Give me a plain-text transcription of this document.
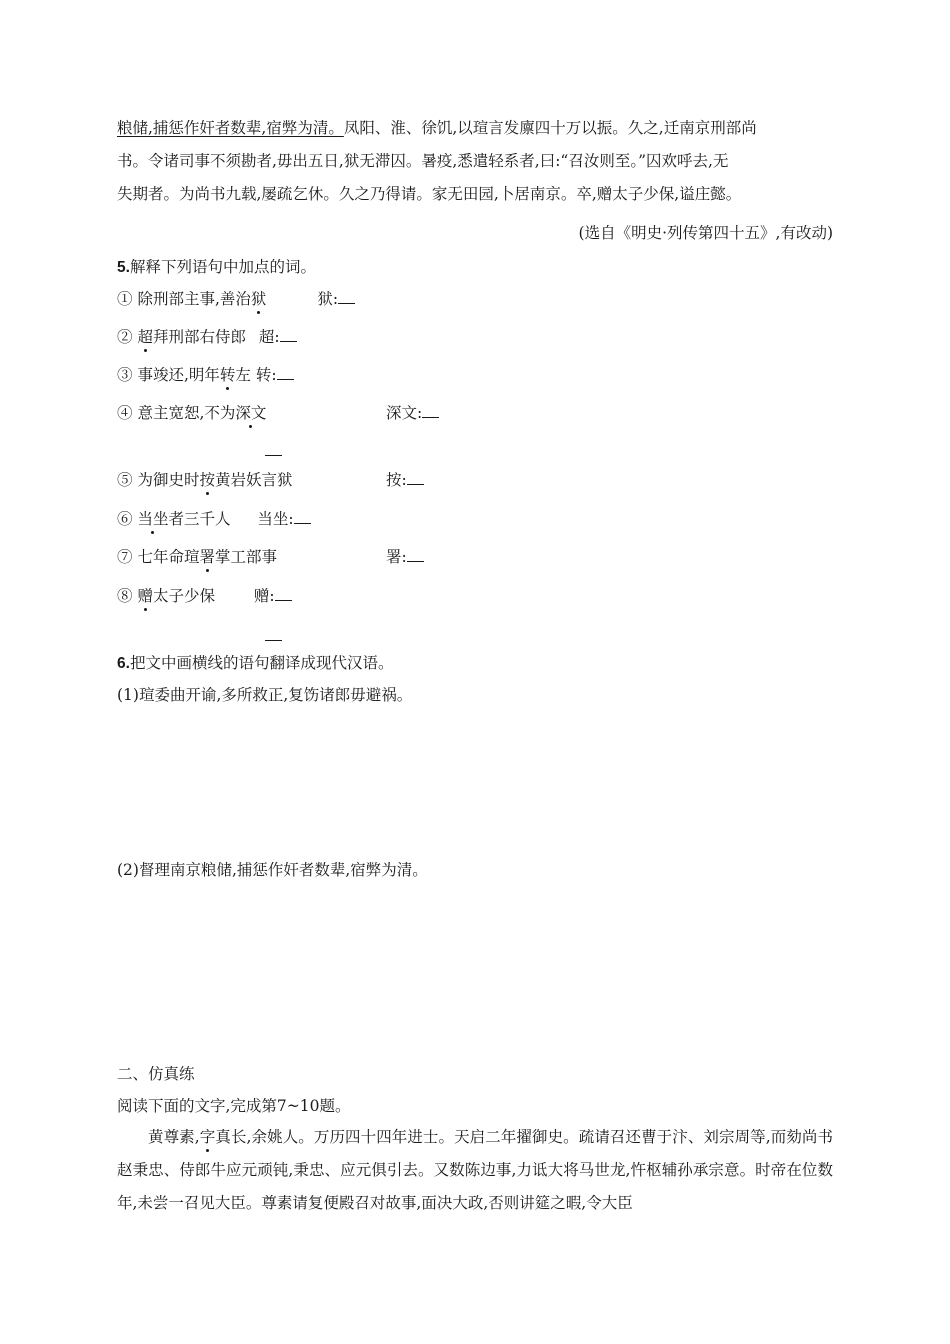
粮储,捕惩作奸者数辈,宿弊为清。凤阳、淮、徐饥,以瑄言发廪四十万以振。久之,迁南京刑部尚
书。令诸司事不须勘者,毋出五日,狱无滞囚。暑疫,悉遣轻系者,曰:“召汝则至。”囚欢呼去,无
失期者。为尚书九载,屡疏乞休。久之乃得请。家无田园,卜居南京。卒,赠太子少保,谥庄懿。
(选自《明史·列传第四十五》,有改动)
5.解释下列语句中加点的词。
① 除刑部主事,善治狱	狱:
② 超拜刑部右侍郎 超:
③ 事竣还,明年转左 转:
④ 意主宽恕,不为深文	深文:
⑤ 为御史时按黄岩妖言狱	按:
⑥ 当坐者三千人 当坐:
⑦ 七年命瑄署掌工部事	署:
⑧ 赠太子少保	赠:
6.把文中画横线的语句翻译成现代汉语。
(1)瑄委曲开谕,多所救正,复饬诸郎毋避祸。
(2)督理南京粮储,捕惩作奸者数辈,宿弊为清。
二、仿真练
阅读下面的文字,完成第7~10题。
黄尊素,字真长,余姚人。万历四十四年进士。天启二年擢御史。疏请召还曹于汴、刘宗周等,而劾尚书赵秉忠、侍郎牛应元顽钝,秉忠、应元俱引去。又数陈边事,力诋大将马世龙,忤枢辅孙承宗意。时帝在位数年,未尝一召见大臣。尊素请复便殿召对故事,面决大政,否则讲筵之暇,令大臣
